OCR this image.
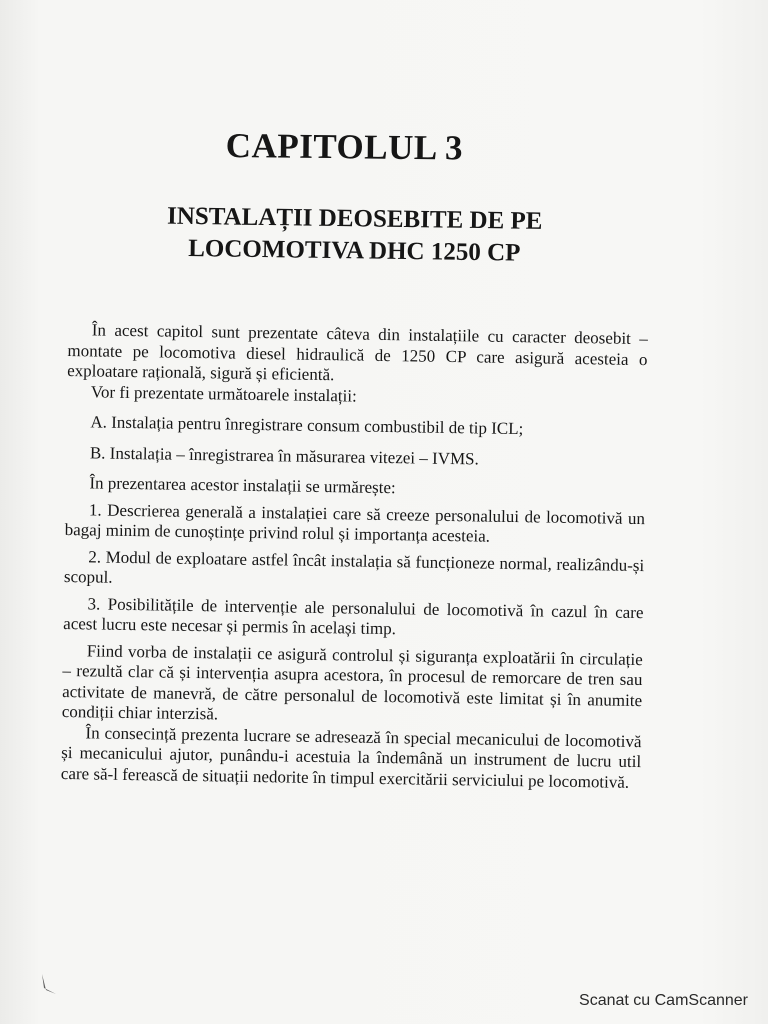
CAPITOLUL 3
INSTALAȚII DEOSEBITE DE PE
LOCOMOTIVA DHC 1250 CP

În acest capitol sunt prezentate câteva din instalațiile cu caracter deosebit – montate pe locomotiva diesel hidraulică de 1250 CP care asigură acesteia o exploatare rațională, sigură și eficientă.

Vor fi prezentate următoarele instalații:

A. Instalația pentru înregistrare consum combustibil de tip ICL;

B. Instalația – înregistrarea în măsurarea vitezei – IVMS.

În prezentarea acestor instalații se urmărește:

1. Descrierea generală a instalației care să creeze personalului de locomotivă un bagaj minim de cunoștințe privind rolul și importanța acesteia.

2. Modul de exploatare astfel încât instalația să funcționeze normal, realizându-și scopul.

3. Posibilitățile de intervenție ale personalului de locomotivă în cazul în care acest lucru este necesar și permis în același timp.

Fiind vorba de instalații ce asigură controlul și siguranța exploatării în circulație – rezultă clar că și intervenția asupra acestora, în procesul de remorcare de tren sau activitate de manevră, de către personalul de locomotivă este limitat și în anumite condiții chiar interzisă.

În consecință prezenta lucrare se adresează în special mecanicului de locomotivă și mecanicului ajutor, punându-i acestuia la îndemână un instrument de lucru util care să-l ferească de situații nedorite în timpul exercitării serviciului pe locomotivă.

Scanat cu CamScanner
